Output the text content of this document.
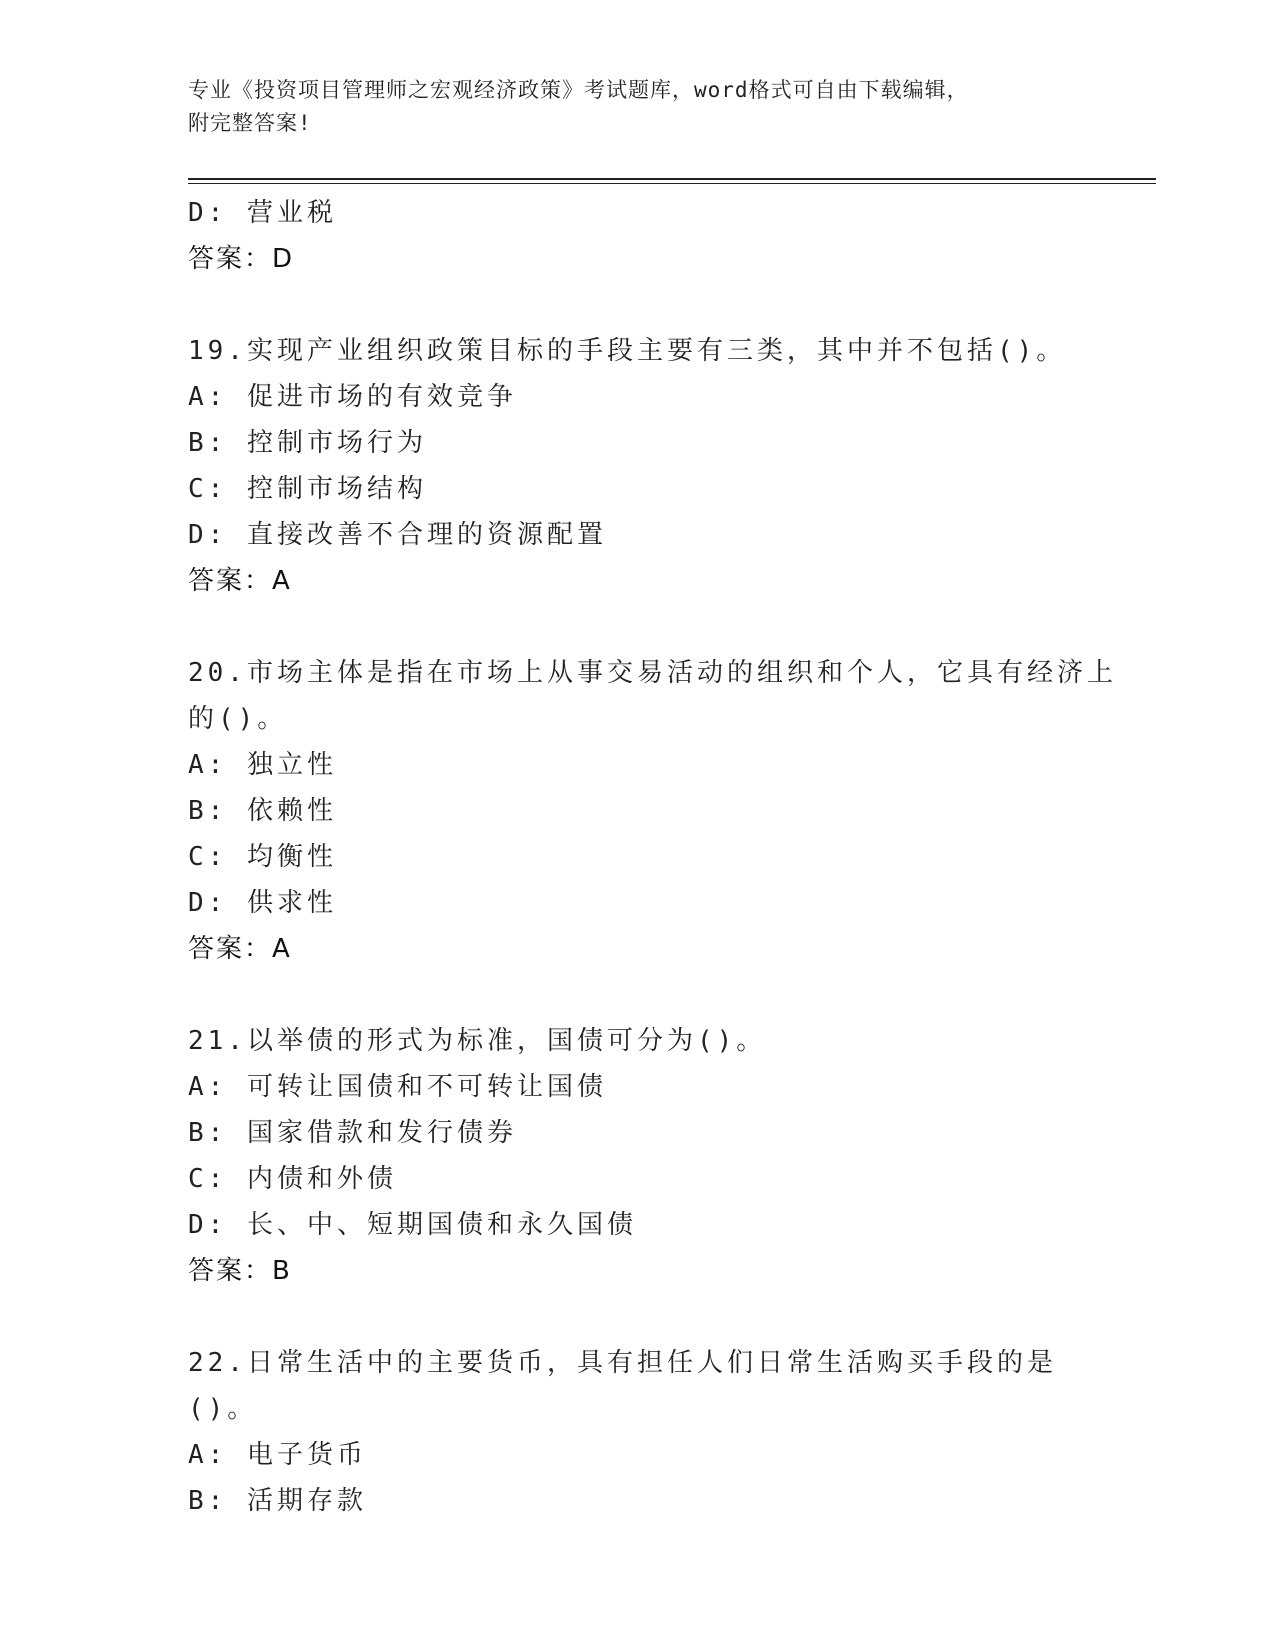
专业《投资项目管理师之宏观经济政策》考试题库，word格式可自由下载编辑，
附完整答案!
D: 营业税
答案：D
19.实现产业组织政策目标的手段主要有三类，其中并不包括()。
A: 促进市场的有效竞争
B: 控制市场行为
C: 控制市场结构
D: 直接改善不合理的资源配置
答案：A
20.市场主体是指在市场上从事交易活动的组织和个人，它具有经济上
的()。
A: 独立性
B: 依赖性
C: 均衡性
D: 供求性
答案：A
21.以举债的形式为标准，国债可分为()。
A: 可转让国债和不可转让国债
B: 国家借款和发行债券
C: 内债和外债
D: 长、中、短期国债和永久国债
答案：B
22.日常生活中的主要货币，具有担任人们日常生活购买手段的是()。
A: 电子货币
B: 活期存款
